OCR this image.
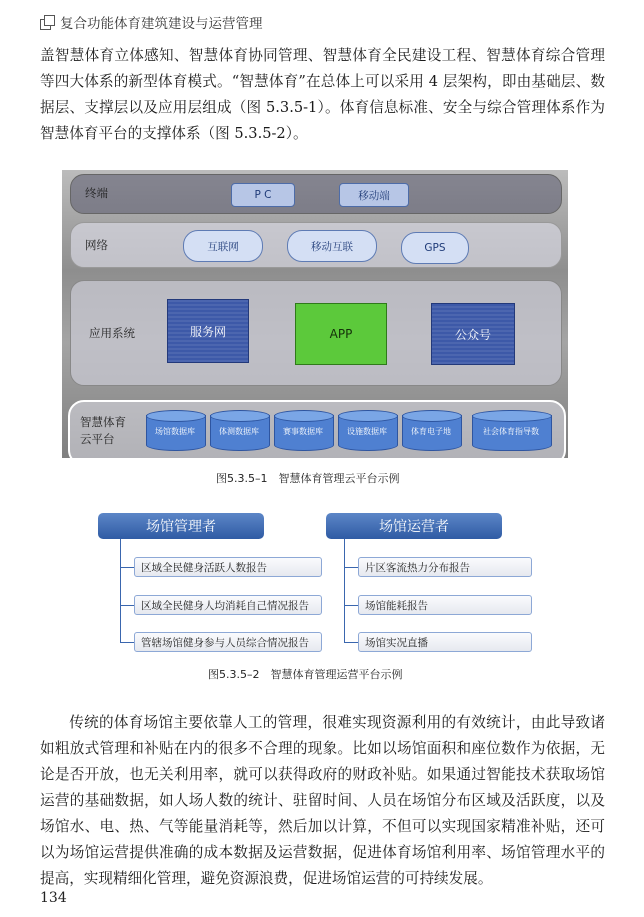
复合功能体育建筑建设与运营管理

盖智慧体育立体感知、智慧体育协同管理、智慧体育全民建设工程、智慧体育综合管理等四大体系的新型体育模式。“智慧体育”在总体上可以采用 4 层架构，即由基础层、数据层、支撑层以及应用层组成（图 5.3.5-1）。体育信息标准、安全与综合管理体系作为智慧体育平台的支撑体系（图 5.3.5-2）。

终端	P C	移动端
网络	互联网	移动互联	GPS
应用系统	服务网	APP	公众号
智慧体育
云平台
场馆数据库	体测数据库	赛事数据库	设施数据库	体育电子地	社会体育指导数
图5.3.5–1　智慧体育管理云平台示例
场馆管理者
区域全民健身活跃人数报告
区域全民健身人均消耗自己情况报告
管辖场馆健身参与人员综合情况报告
场馆运营者
片区客流热力分布报告
场馆能耗报告
场馆实况直播
图5.3.5–2　智慧体育管理运营平台示例

传统的体育场馆主要依靠人工的管理，很难实现资源利用的有效统计，由此导致诸如粗放式管理和补贴在内的很多不合理的现象。比如以场馆面积和座位数作为依据，无论是否开放，也无关利用率，就可以获得政府的财政补贴。如果通过智能技术获取场馆运营的基础数据，如人场人数的统计、驻留时间、人员在场馆分布区域及活跃度，以及场馆水、电、热、气等能量消耗等，然后加以计算，不但可以实现国家精准补贴，还可以为场馆运营提供准确的成本数据及运营数据，促进体育场馆利用率、场馆管理水平的提高，实现精细化管理，避免资源浪费，促进场馆运营的可持续发展。

134
